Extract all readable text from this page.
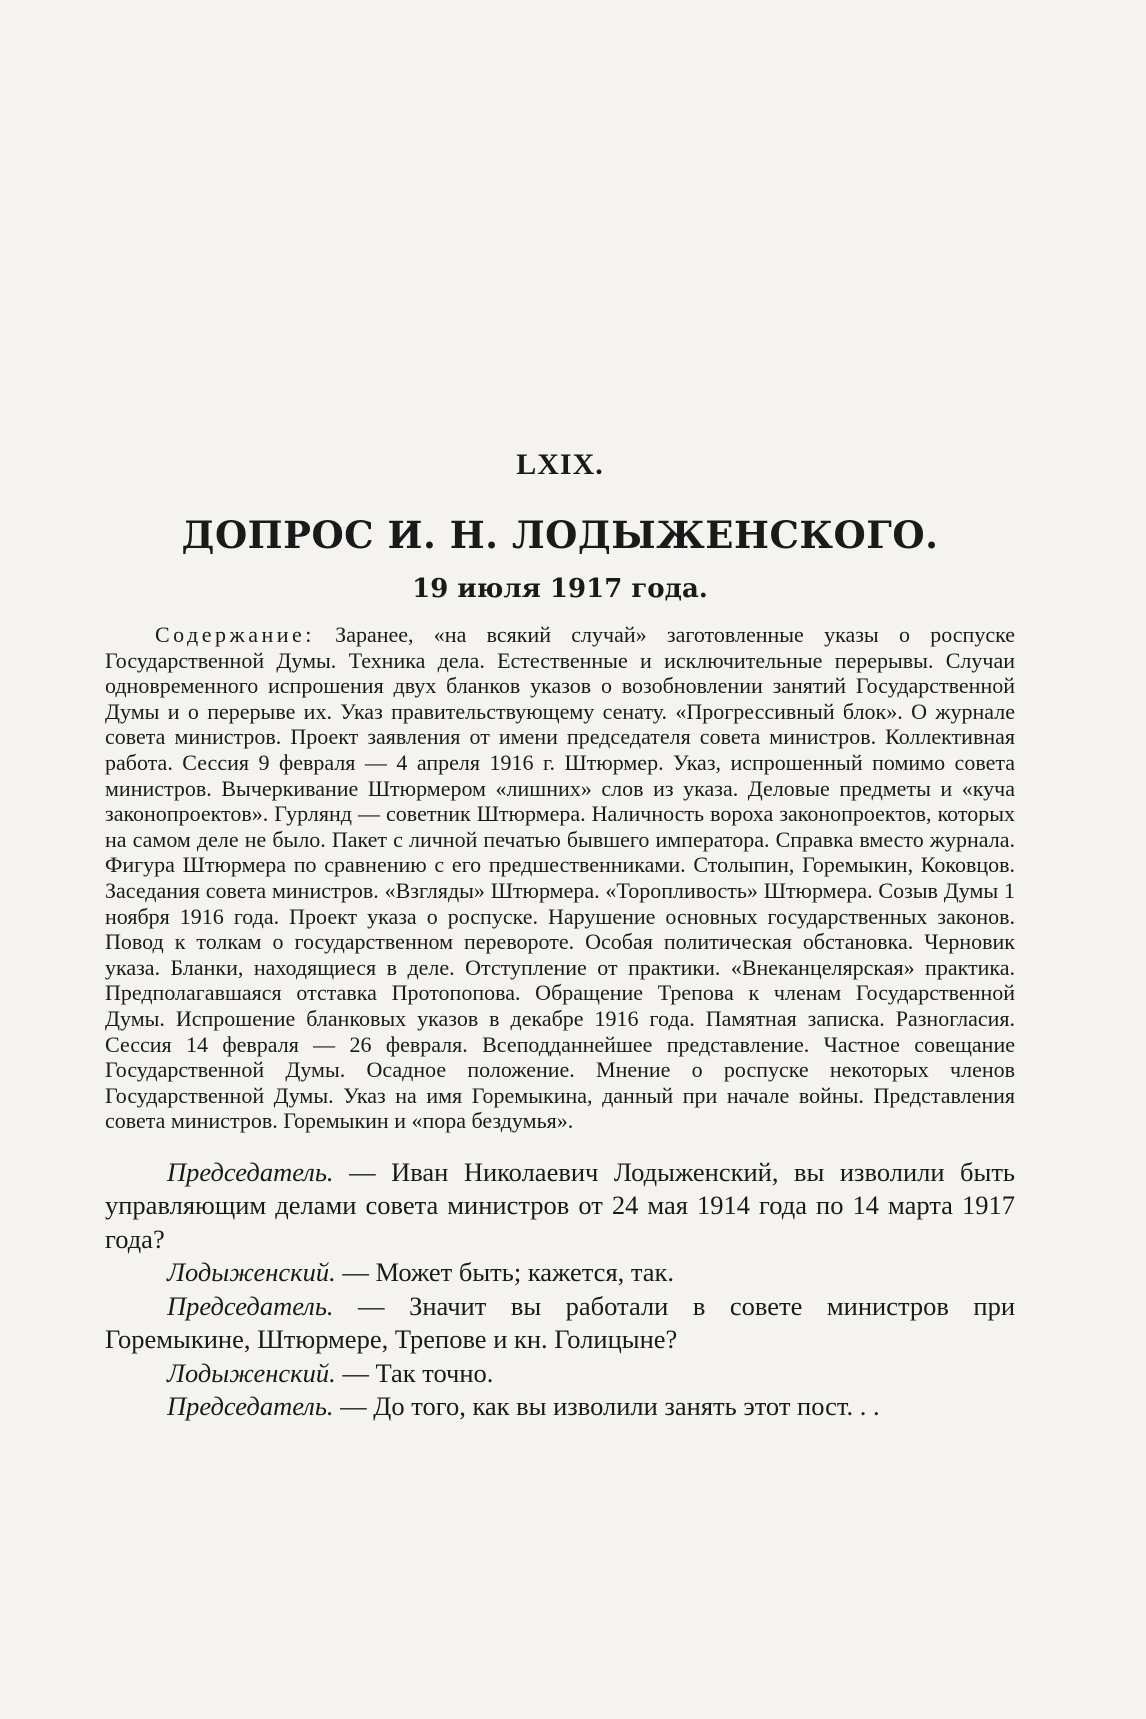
LXIX.
ДОПРОС И. Н. ЛОДЫЖЕНСКОГО.
19 июля 1917 года.

Содержание: Заранее, «на всякий случай» заготовленные указы о роспуске Государственной Думы. Техника дела. Естественные и исключительные перерывы. Случаи одновременного испрошения двух бланков указов о возобновлении занятий Государственной Думы и о перерыве их. Указ правительствующему сенату. «Прогрессивный блок». О журнале совета министров. Проект заявления от имени председателя совета министров. Коллективная работа. Сессия 9 февраля — 4 апреля 1916 г. Штюрмер. Указ, испрошенный помимо совета министров. Вычеркивание Штюрмером «лишних» слов из указа. Деловые предметы и «куча законопроектов». Гурлянд — советник Штюрмера. Наличность вороха законопроектов, которых на самом деле не было. Пакет с личной печатью бывшего императора. Справка вместо журнала. Фигура Штюрмера по сравнению с его предшественниками. Столыпин, Горемыкин, Коковцов. Заседания совета министров. «Взгляды» Штюрмера. «Торопливость» Штюрмера. Созыв Думы 1 ноября 1916 года. Проект указа о роспуске. Нарушение основных государственных законов. Повод к толкам о государственном перевороте. Особая политическая обстановка. Черновик указа. Бланки, находящиеся в деле. Отступление от практики. «Внеканцелярская» практика. Предполагавшаяся отставка Протопопова. Обращение Трепова к членам Государственной Думы. Испрошение бланковых указов в декабре 1916 года. Памятная записка. Разногласия. Сессия 14 февраля — 26 февраля. Всеподданнейшее представление. Частное совещание Государственной Думы. Осадное положение. Мнение о роспуске некоторых членов Государственной Думы. Указ на имя Горемыкина, данный при начале войны. Представления совета министров. Горемыкин и «пора бездумья».

Председатель. — Иван Николаевич Лодыженский, вы изволили быть управляющим делами совета министров от 24 мая 1914 года по 14 марта 1917 года?

Лодыженский. — Может быть; кажется, так.

Председатель. — Значит вы работали в совете министров при Горемыкине, Штюрмере, Трепове и кн. Голицыне?

Лодыженский. — Так точно.

Председатель. — До того, как вы изволили занять этот пост. . .
